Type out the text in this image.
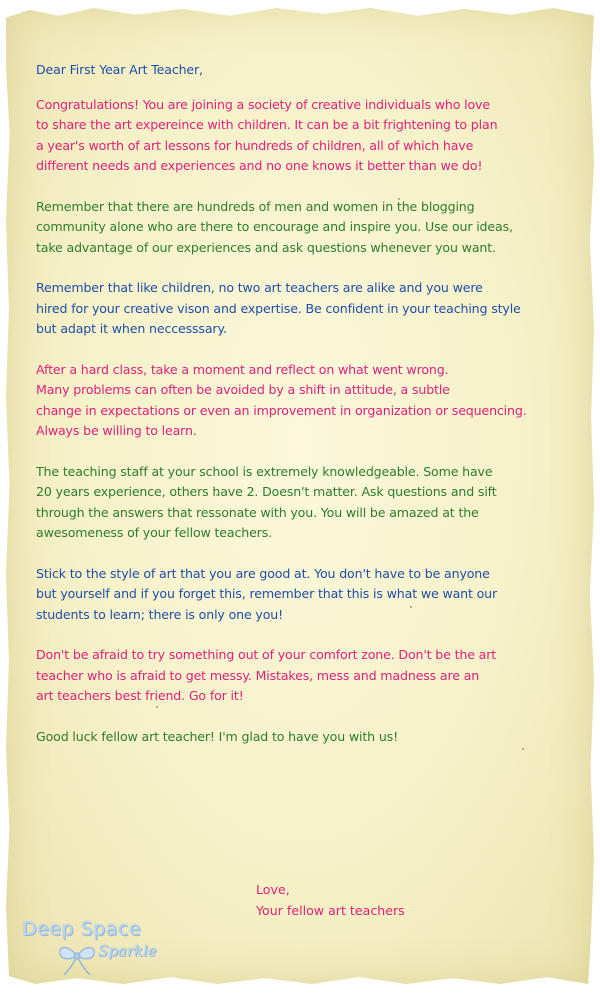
Dear First Year Art Teacher,
Congratulations! You are joining a society of creative individuals who love
to share the art expereince with children. It can be a bit frightening to plan
a year's worth of art lessons for hundreds of children, all of which have
different needs and experiences and no one knows it better than we do!
Remember that there are hundreds of men and women in the blogging
community alone who are there to encourage and inspire you. Use our ideas,
take advantage of our experiences and ask questions whenever you want.
Remember that like children, no two art teachers are alike and you were
hired for your creative vison and expertise. Be confident in your teaching style
but adapt it when neccesssary.
After a hard class, take a moment and reflect on what went wrong.
Many problems can often be avoided by a shift in attitude, a subtle
change in expectations or even an improvement in organization or sequencing.
Always be willing to learn.
The teaching staff at your school is extremely knowledgeable. Some have
20 years experience, others have 2. Doesn't matter. Ask questions and sift
through the answers that ressonate with you. You will be amazed at the
awesomeness of your fellow teachers.
Stick to the style of art that you are good at. You don't have to be anyone
but yourself and if you forget this, remember that this is what we want our
students to learn; there is only one you!
Don't be afraid to try something out of your comfort zone. Don't be the art
teacher who is afraid to get messy. Mistakes, mess and madness are an
art teachers best friend. Go for it!
Good luck fellow art teacher! I'm glad to have you with us!
Love,
Your fellow art teachers
Deep Space
Sparkle
